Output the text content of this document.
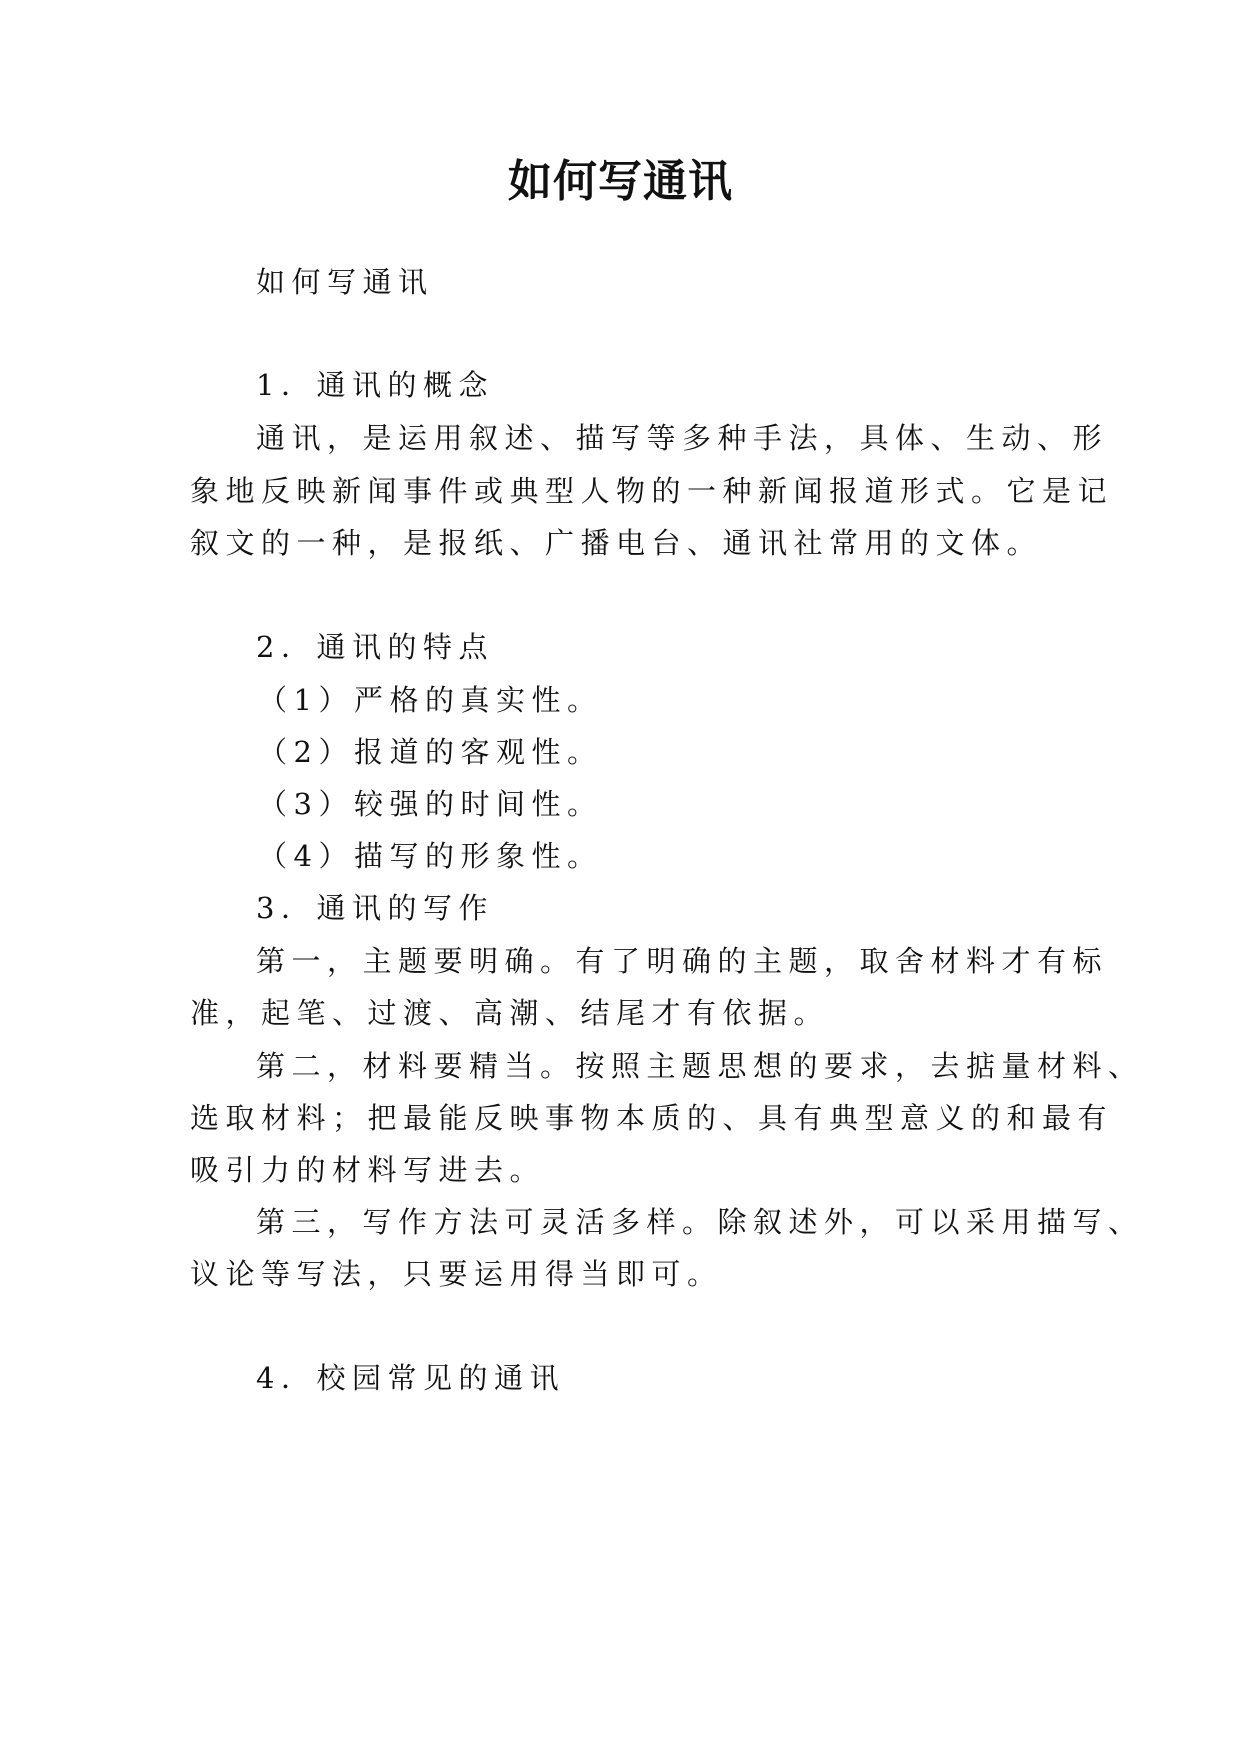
如何写通讯

如何写通讯

1．通讯的概念

通讯，是运用叙述、描写等多种手法，具体、生动、形

象地反映新闻事件或典型人物的一种新闻报道形式。它是记

叙文的一种，是报纸、广播电台、通讯社常用的文体。

2．通讯的特点

（1）严格的真实性。

（2）报道的客观性。

（3）较强的时间性。

（4）描写的形象性。

3．通讯的写作

第一，主题要明确。有了明确的主题，取舍材料才有标

准，起笔、过渡、高潮、结尾才有依据。

第二，材料要精当。按照主题思想的要求，去掂量材料、

选取材料；把最能反映事物本质的、具有典型意义的和最有

吸引力的材料写进去。

第三，写作方法可灵活多样。除叙述外，可以采用描写、

议论等写法，只要运用得当即可。

4．校园常见的通讯
